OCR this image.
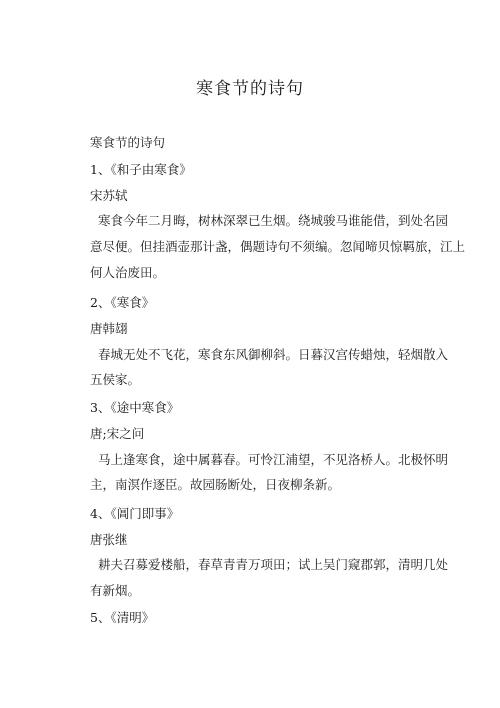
寒食节的诗句
寒食节的诗句
1、《和子由寒食》
宋苏轼
寒食今年二月晦，树林深翠已生烟。绕城骏马谁能借，到处名园
意尽便。但挂酒壶那计盏，偶题诗句不须编。忽闻啼贝惊羁旅，江上
何人治废田。
2、《寒食》
唐韩翃
春城无处不飞花，寒食东风御柳斜。日暮汉宫传蜡烛，轻烟散入
五侯家。
3、《途中寒食》
唐;宋之问
马上逢寒食，途中属暮春。可怜江浦望，不见洛桥人。北极怀明
主，南溟作逐臣。故园肠断处，日夜柳条新。
4、《阊门即事》
唐张继
耕夫召募爱楼船，春草青青万项田；试上吴门窥郡郭，清明几处
有新烟。
5、《清明》
